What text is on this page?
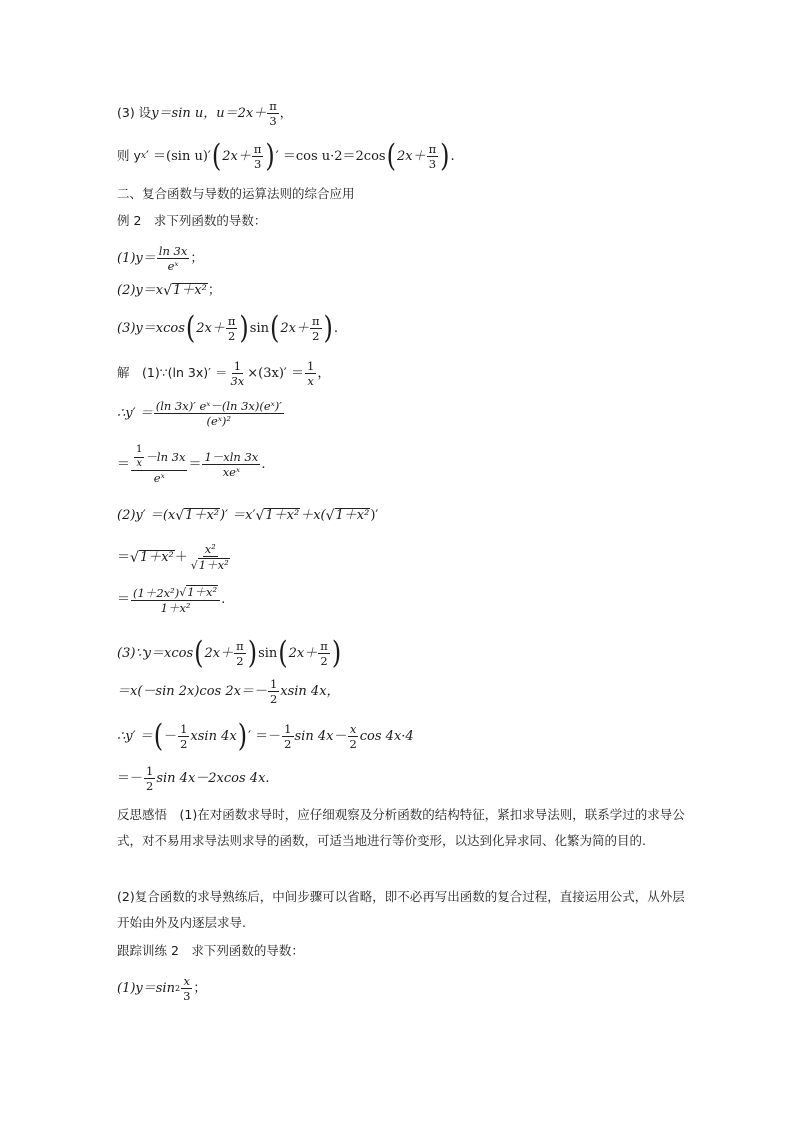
(3) 设 y＝sin u，$u=2x+ \frac{\pi}{3}$ ，
则 y x ′ ＝(sin u)′ ( $2x+ \frac{\pi}{3}$ ) ′ ＝cos u·2＝2cos ( $2x+ \frac{\pi}{3}$ ) .
二、复合函数与导数的运算法则的综合应用
例 2　求下列函数的导数：
$(1)y= \frac{\ln 3x}{\text{eˣ}}$ ；
(2)y＝x √ 1＋x² ；
(3)y＝xcos ( $2x+ \frac{\pi}{2}$ ) sin ( $2x+ \frac{\pi}{2}$ ) .
解　(1)∵(ln $3x)' = \frac{1}{3x} \times(3x)' = \frac{1}{x}$ ，
∴y′ ＝ $\frac{\text{(ln 3x)′ eˣ－(ln 3x)(eˣ)′}}{\text{(eˣ)²}}$
＝ $\frac{\frac{1}{x} -\ln 3x}{\text{eˣ}} = \frac{1-xln 3x}{\text{xeˣ}}$ .
(2)y′ ＝(x √ 1＋x² )′ ＝x′ √ 1＋x² ＋x( √ 1＋x² )′
＝ √ $1+x^2 + \frac{\text{x²}}{\text{√ 1＋x²}}$
＝ $\frac{\text{(1＋2x²) √ 1＋x²}}{\text{1＋x²}}$ .
(3)∵y＝xcos ( $2x+ \frac{\pi}{2}$ ) sin ( $2x+ \frac{\pi}{2}$ )
＝x(－sin 2x)cos $2x=- \frac{1}{2}$ xsin 4x，
∴y′ ＝ ( － $\frac{1}{2}$ xsin 4x ) ′ ＝－ $\frac{1}{2}$ $\sin 4x- \frac{x}{2}$ cos 4x·4
＝－ $\frac{1}{2}$ sin 4x－2xcos 4x.
反思感悟　(1)在对函数求导时，应仔细观察及分析函数的结构特征，紧扣求导法则，联系学过的求导公式，对不易用求导法则求导的函数，可适当地进行等价变形，以达到化异求同、化繁为简的目的.
(2)复合函数的求导熟练后，中间步骤可以省略，即不必再写出函数的复合过程，直接运用公式，从外层开始由外及内逐层求导.
跟踪训练 2　求下列函数的导数：
(1)y＝sin $2 \frac{x}{3}$ ；
